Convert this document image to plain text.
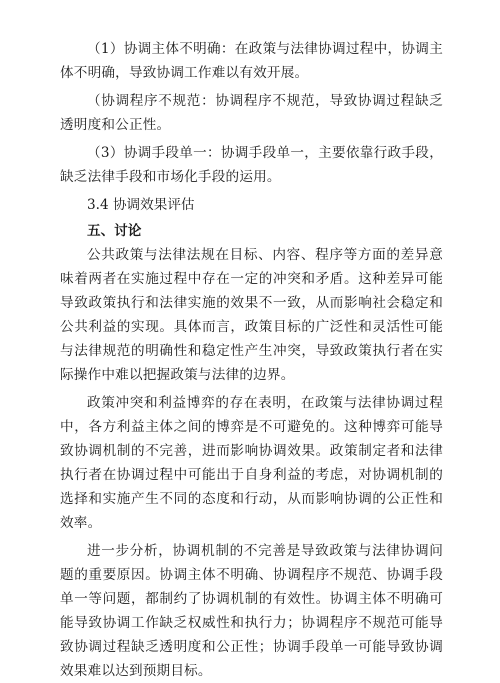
（1）协调主体不明确：在政策与法律协调过程中，协调主体不明确，导致协调工作难以有效开展。

（协调程序不规范：协调程序不规范，导致协调过程缺乏透明度和公正性。

（3）协调手段单一：协调手段单一，主要依靠行政手段，缺乏法律手段和市场化手段的运用。

3.4 协调效果评估

五、讨论

公共政策与法律法规在目标、内容、程序等方面的差异意味着两者在实施过程中存在一定的冲突和矛盾。这种差异可能导致政策执行和法律实施的效果不一致，从而影响社会稳定和公共利益的实现。具体而言，政策目标的广泛性和灵活性可能与法律规范的明确性和稳定性产生冲突，导致政策执行者在实际操作中难以把握政策与法律的边界。

政策冲突和利益博弈的存在表明，在政策与法律协调过程中，各方利益主体之间的博弈是不可避免的。这种博弈可能导致协调机制的不完善，进而影响协调效果。政策制定者和法律执行者在协调过程中可能出于自身利益的考虑，对协调机制的选择和实施产生不同的态度和行动，从而影响协调的公正性和效率。

进一步分析，协调机制的不完善是导致政策与法律协调问题的重要原因。协调主体不明确、协调程序不规范、协调手段单一等问题，都制约了协调机制的有效性。协调主体不明确可能导致协调工作缺乏权威性和执行力；协调程序不规范可能导致协调过程缺乏透明度和公正性；协调手段单一可能导致协调效果难以达到预期目标。
